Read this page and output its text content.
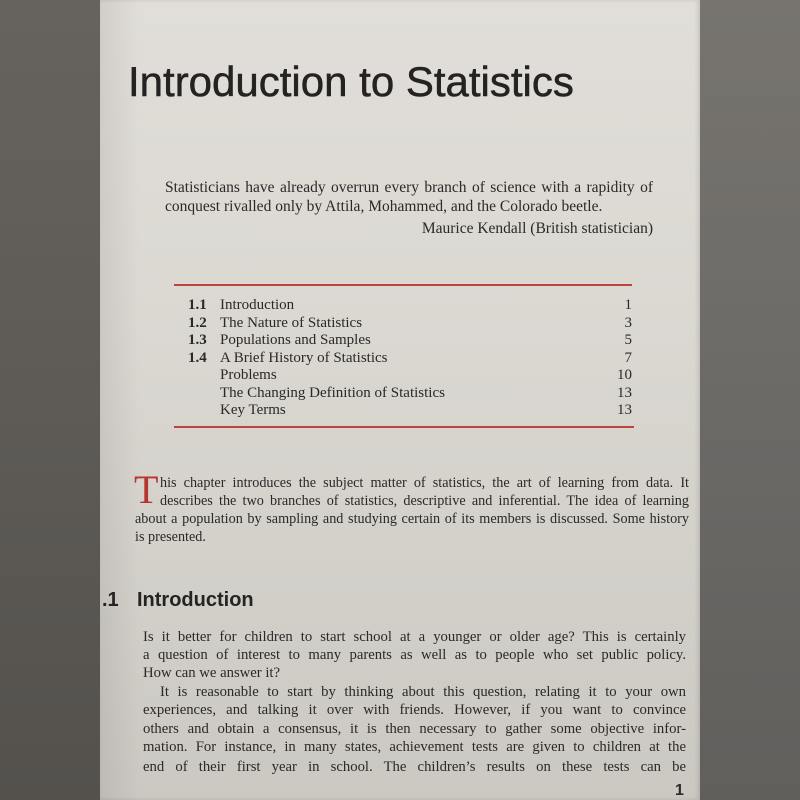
Introduction to Statistics
Statisticians have already overrun every branch of science with a rapidity of
conquest rivalled only by Attila, Mohammed, and the Colorado beetle.
Maurice Kendall (British statistician)
1.1 Introduction	1
1.2 The Nature of Statistics	3
1.3 Populations and Samples	5
1.4 A Brief History of Statistics	7
Problems	10
The Changing Definition of Statistics	13
Key Terms	13
T his chapter introduces the subject matter of statistics, the art of learning from data. It
describes the two branches of statistics, descriptive and inferential. The idea of learning
about a population by sampling and studying certain of its members is discussed. Some history
is presented.
.1 Introduction
Is it better for children to start school at a younger or older age? This is certainly
a question of interest to many parents as well as to people who set public policy.
How can we answer it?
It is reasonable to start by thinking about this question, relating it to your own
experiences, and talking it over with friends. However, if you want to convince
others and obtain a consensus, it is then necessary to gather some objective infor-
mation. For instance, in many states, achievement tests are given to children at the
end of their first year in school. The children’s results on these tests can be
1
